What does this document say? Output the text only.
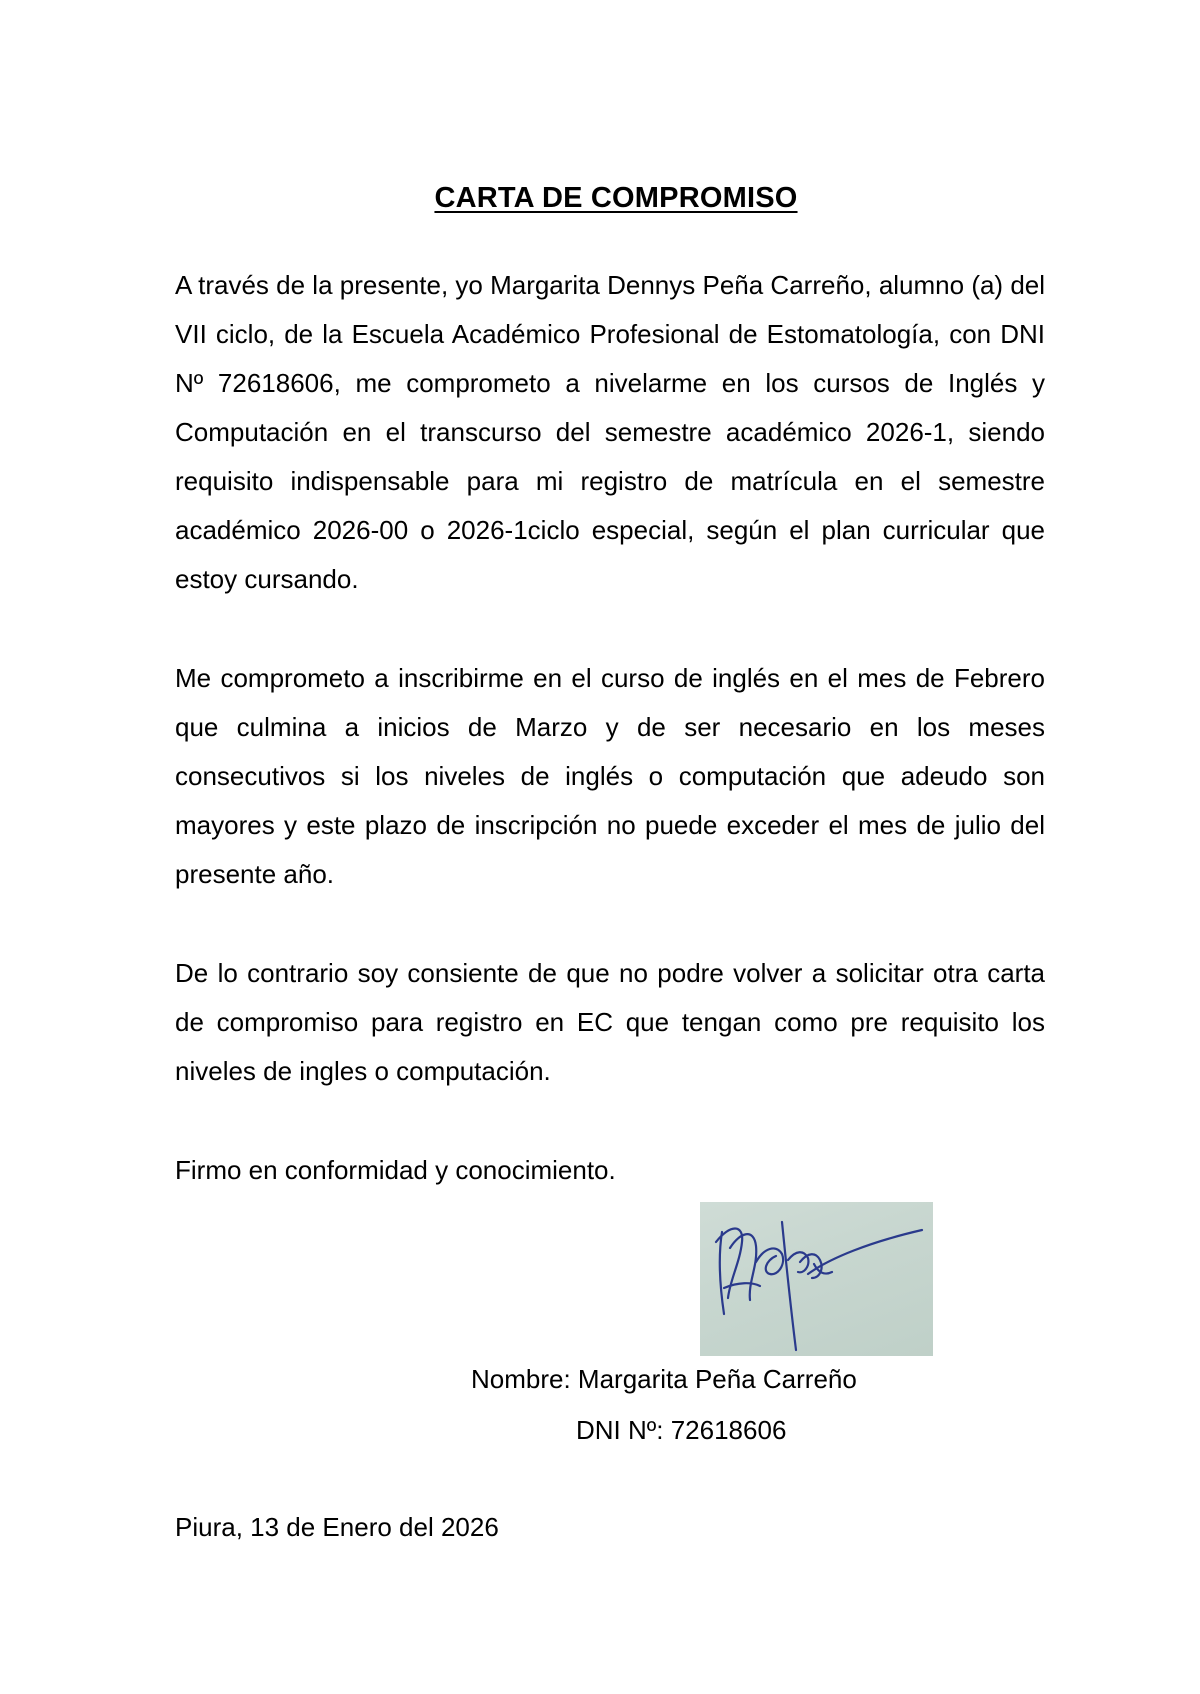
CARTA DE COMPROMISO

A través de la presente, yo Margarita Dennys Peña Carreño, alumno (a) del VII ciclo, de la Escuela Académico Profesional de Estomatología, con DNI Nº 72618606, me comprometo a nivelarme en los cursos de Inglés y Computación en el transcurso del semestre académico 2026-1, siendo requisito indispensable para mi registro de matrícula en el semestre académico 2026-00 o 2026-1ciclo especial, según el plan curricular que estoy cursando.

Me comprometo a inscribirme en el curso de inglés en el mes de Febrero que culmina a inicios de Marzo y de ser necesario en los meses consecutivos si los niveles de inglés o computación que adeudo son mayores y este plazo de inscripción no puede exceder el mes de julio del presente año.

De lo contrario soy consiente de que no podre volver a solicitar otra carta de compromiso para registro en EC que tengan como pre requisito los niveles de ingles o computación.

Firmo en conformidad y conocimiento.

Nombre: Margarita Peña Carreño
DNI Nº: 72618606
Piura, 13 de Enero del 2026
